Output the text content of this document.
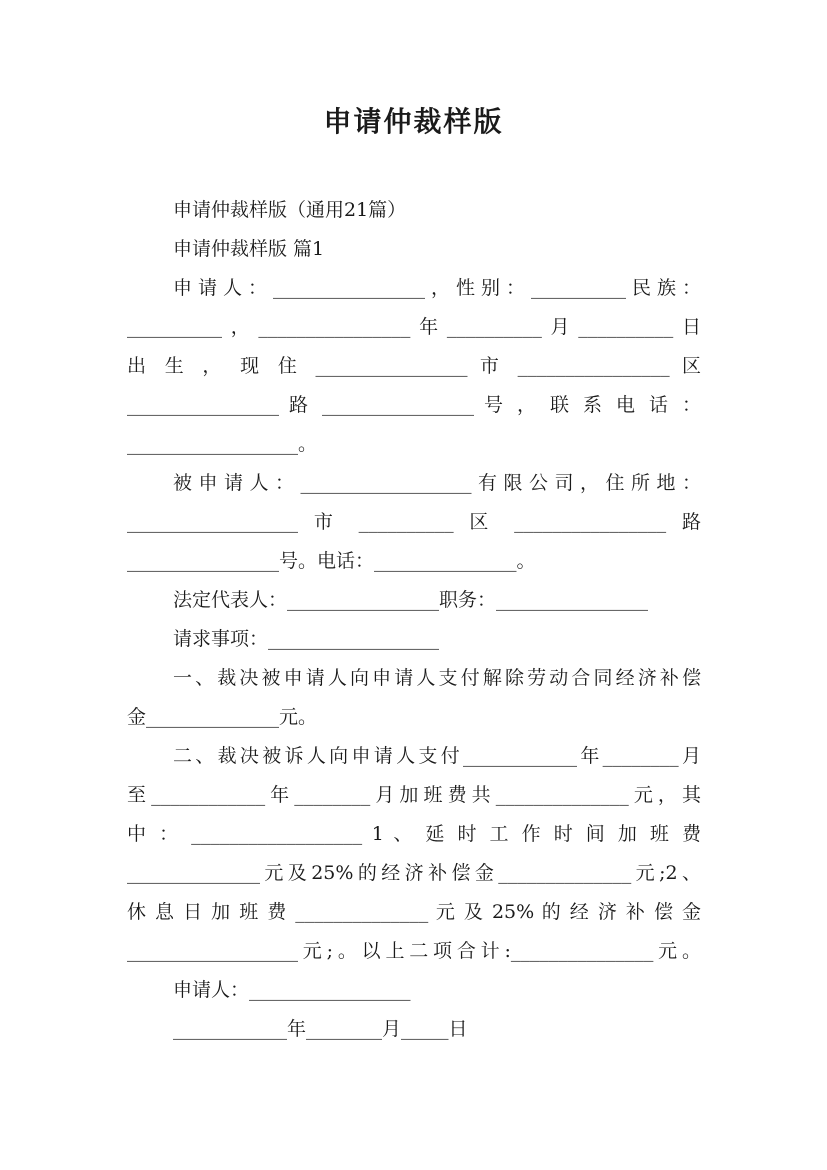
申请仲裁样版
申请仲裁样版（通用21篇）
申请仲裁样版 篇1
申请人：________________，性别：__________民族：
__________，________________年__________月__________日
出 生 ， 现 住 ________________ 市 ________________ 区
________________ 路 ________________ 号 ， 联 系 电 话 ：
__________________。
被申请人：__________________有限公司，住所地：
__________________ 市 __________ 区 ________________ 路
________________号。电话：_______________。
法定代表人：________________职务：________________
请求事项：__________________
一、裁决被申请人向申请人支付解除劳动合同经济补偿
金______________元。
二、裁决被诉人向申请人支付____________年________月
至____________年________月加班费共______________元，其
中 ： __________________ 1 、 延 时 工 作 时 间 加 班 费
______________元及25%的经济补偿金______________元;2、
休 息 日 加 班 费 ______________ 元 及 25% 的 经 济 补 偿 金
__________________元;。以上二项合计:_______________元。
申请人：_________________
____________年________月_____日
